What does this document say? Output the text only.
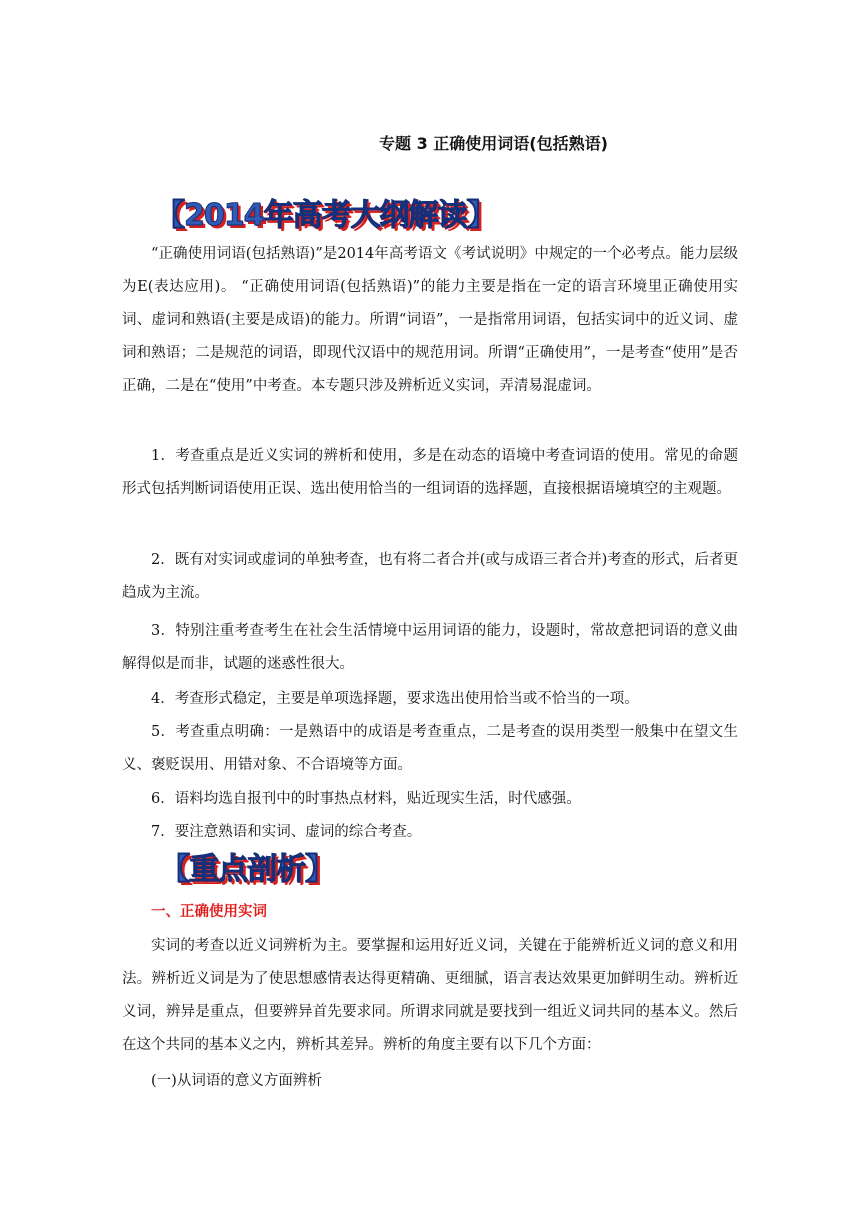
专题 3 正确使用词语(包括熟语)
【2014年高考大纲解读】
“正确使用词语(包括熟语)”是2014年高考语文《考试说明》中规定的一个必考点。能力层级为E(表达应用)。 “正确使用词语(包括熟语)”的能力主要是指在一定的语言环境里正确使用实词、虚词和熟语(主要是成语)的能力。所谓“词语”，一是指常用词语，包括实词中的近义词、虚词和熟语；二是规范的词语，即现代汉语中的规范用词。所谓“正确使用”，一是考查“使用”是否正确，二是在“使用”中考查。本专题只涉及辨析近义实词，弄清易混虚词。
1．考查重点是近义实词的辨析和使用，多是在动态的语境中考查词语的使用。常见的命题形式包括判断词语使用正误、选出使用恰当的一组词语的选择题，直接根据语境填空的主观题。
2．既有对实词或虚词的单独考查，也有将二者合并(或与成语三者合并)考查的形式，后者更趋成为主流。
3．特别注重考查考生在社会生活情境中运用词语的能力，设题时，常故意把词语的意义曲解得似是而非，试题的迷惑性很大。
4．考查形式稳定，主要是单项选择题，要求选出使用恰当或不恰当的一项。
5．考查重点明确：一是熟语中的成语是考查重点，二是考查的误用类型一般集中在望文生义、褒贬误用、用错对象、不合语境等方面。
6．语料均选自报刊中的时事热点材料，贴近现实生活，时代感强。
7．要注意熟语和实词、虚词的综合考查。
【重点剖析】
一、正确使用实词
实词的考查以近义词辨析为主。要掌握和运用好近义词，关键在于能辨析近义词的意义和用法。辨析近义词是为了使思想感情表达得更精确、更细腻，语言表达效果更加鲜明生动。辨析近义词，辨异是重点，但要辨异首先要求同。所谓求同就是要找到一组近义词共同的基本义。然后在这个共同的基本义之内，辨析其差异。辨析的角度主要有以下几个方面：
(一)从词语的意义方面辨析
